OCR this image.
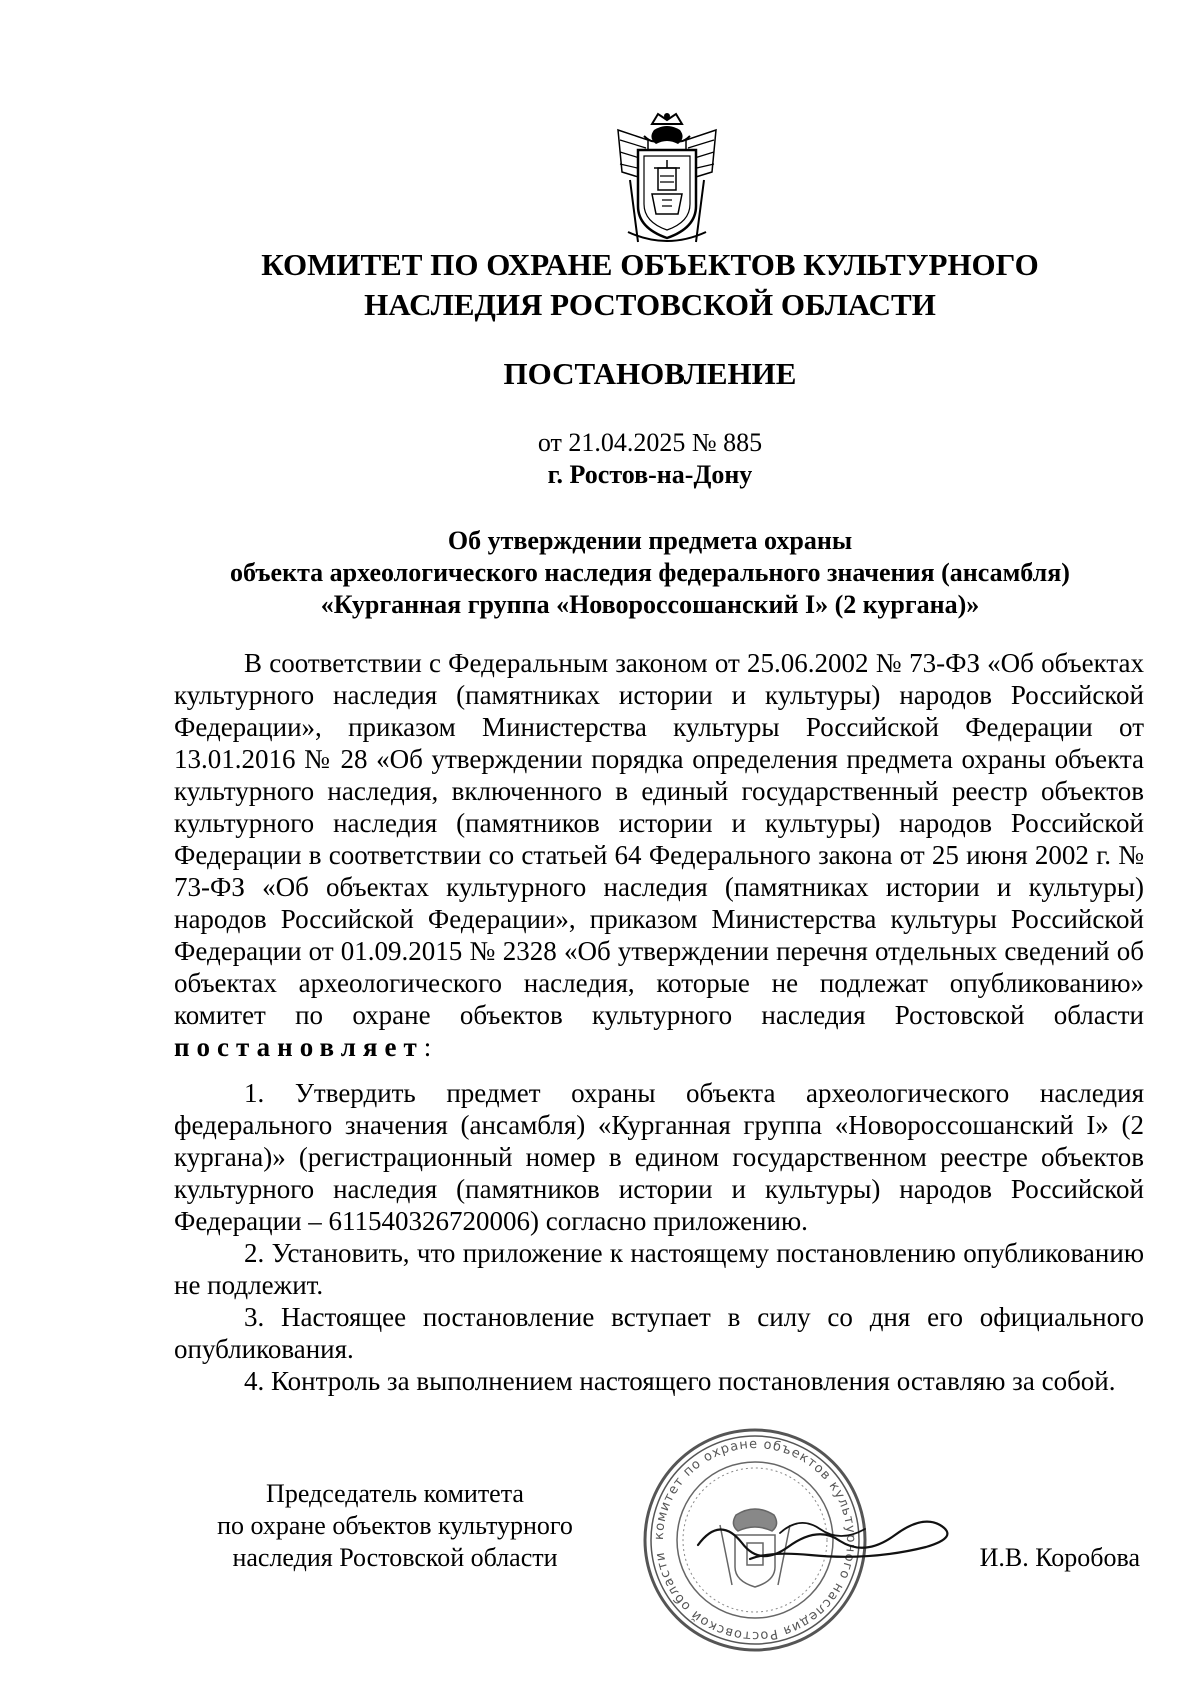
КОМИТЕТ ПО ОХРАНЕ ОБЪЕКТОВ КУЛЬТУРНОГО
НАСЛЕДИЯ РОСТОВСКОЙ ОБЛАСТИ
ПОСТАНОВЛЕНИЕ
от 21.04.2025 № 885
г. Ростов-на-Дону
Об утверждении предмета охраны
объекта археологического наследия федерального значения (ансамбля)
«Курганная группа «Новороссошанский I» (2 кургана)»

В соответствии с Федеральным законом от 25.06.2002 № 73-ФЗ «Об объектах культурного наследия (памятниках истории и культуры) народов Российской Федерации», приказом Министерства культуры Российской Федерации от 13.01.2016 № 28 «Об утверждении порядка определения предмета охраны объекта культурного наследия, включенного в единый государственный реестр объектов культурного наследия (памятников истории и культуры) народов Российской Федерации в соответствии со статьей 64 Федерального закона от 25 июня 2002 г. № 73-ФЗ «Об объектах культурного наследия (памятниках истории и культуры) народов Российской Федерации», приказом Министерства культуры Российской Федерации от 01.09.2015 № 2328 «Об утверждении перечня отдельных сведений об объектах археологического наследия, которые не подлежат опубликованию» комитет по охране объектов культурного наследия Ростовской области постановляет:

1. Утвердить предмет охраны объекта археологического наследия федерального значения (ансамбля) «Курганная группа «Новороссошанский I» (2 кургана)» (регистрационный номер в едином государственном реестре объектов культурного наследия (памятников истории и культуры) народов Российской Федерации – 611540326720006) согласно приложению.

2. Установить, что приложение к настоящему постановлению опубликованию не подлежит.

3. Настоящее постановление вступает в силу со дня его официального опубликования.

4. Контроль за выполнением настоящего постановления оставляю за собой.

Председатель комитета
по охране объектов культурного
наследия Ростовской области
комитет по охране объектов культурного наследия Ростовской области	И.В. Коробова
